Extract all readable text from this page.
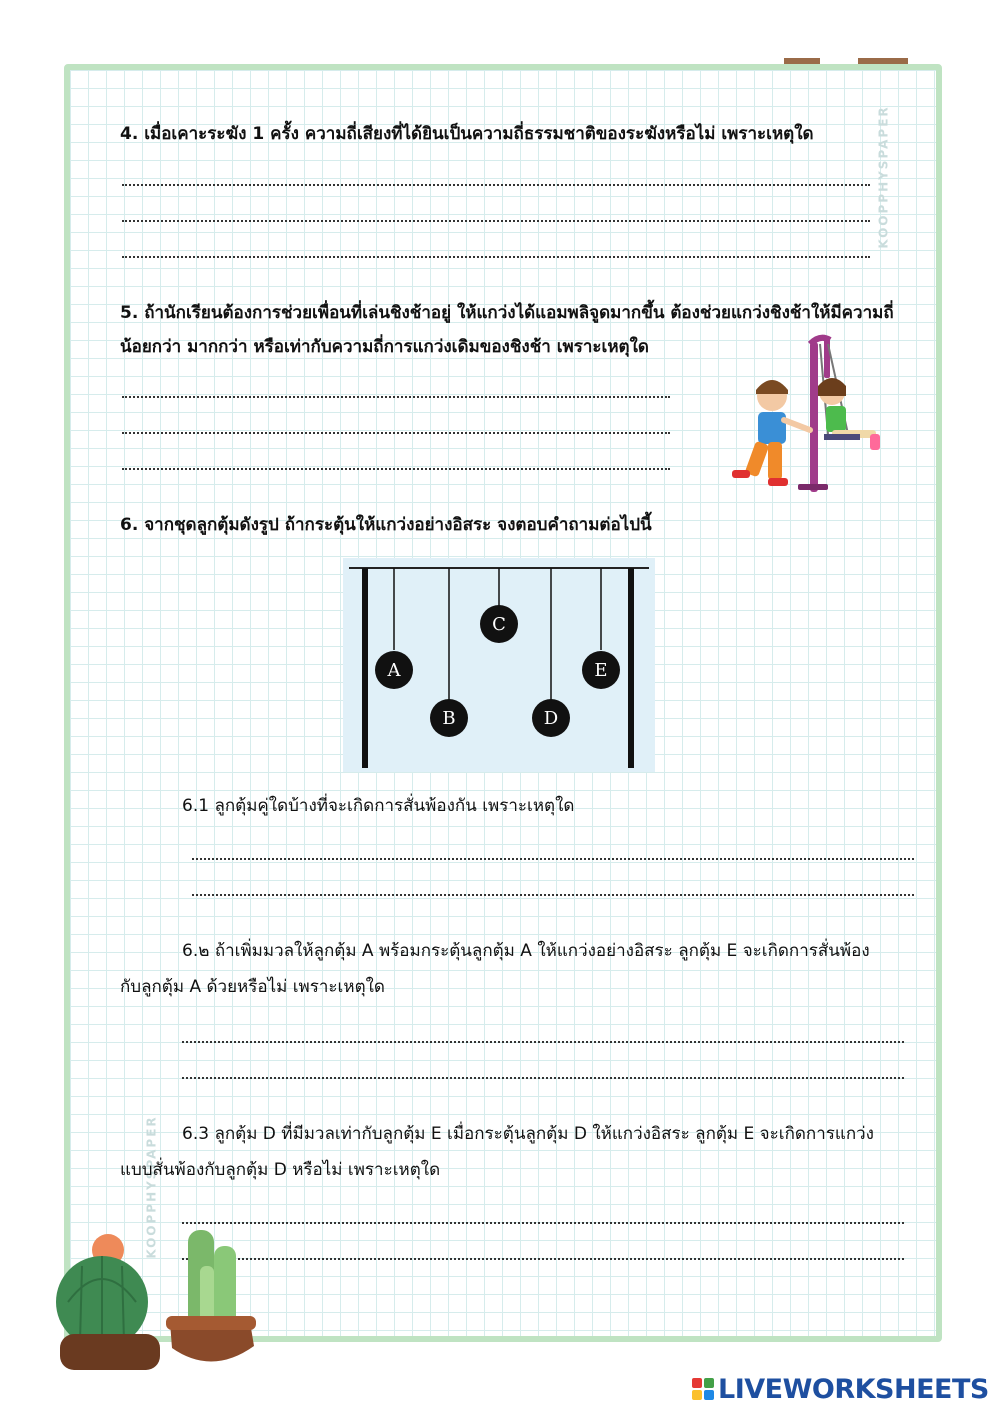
KOOPPHYSPAPER
KOOPPHYSPAPER
4. เมื่อเคาะระฆัง 1 ครั้ง ความถี่เสียงที่ได้ยินเป็นความถี่ธรรมชาติของระฆังหรือไม่ เพราะเหตุใด
5. ถ้านักเรียนต้องการช่วยเพื่อนที่เล่นชิงช้าอยู่ ให้แกว่งได้แอมพลิจูดมากขึ้น ต้องช่วยแกว่งชิงช้าให้มีความถี่
น้อยกว่า มากกว่า หรือเท่ากับความถี่การแกว่งเดิมของชิงช้า เพราะเหตุใด
6. จากชุดลูกตุ้มดังรูป ถ้ากระตุ้นให้แกว่งอย่างอิสระ จงตอบคำถามต่อไปนี้
A
B
C
D
E
6.1 ลูกตุ้มคู่ใดบ้างที่จะเกิดการสั่นพ้องกัน เพราะเหตุใด
6.๒ ถ้าเพิ่มมวลให้ลูกตุ้ม A พร้อมกระตุ้นลูกตุ้ม A ให้แกว่งอย่างอิสระ ลูกตุ้ม E จะเกิดการสั่นพ้อง
กับลูกตุ้ม A ด้วยหรือไม่ เพราะเหตุใด
6.3 ลูกตุ้ม D ที่มีมวลเท่ากับลูกตุ้ม E เมื่อกระตุ้นลูกตุ้ม D ให้แกว่งอิสระ ลูกตุ้ม E จะเกิดการแกว่ง
แบบสั่นพ้องกับลูกตุ้ม D หรือไม่ เพราะเหตุใด
LIVEWORKSHEETS
